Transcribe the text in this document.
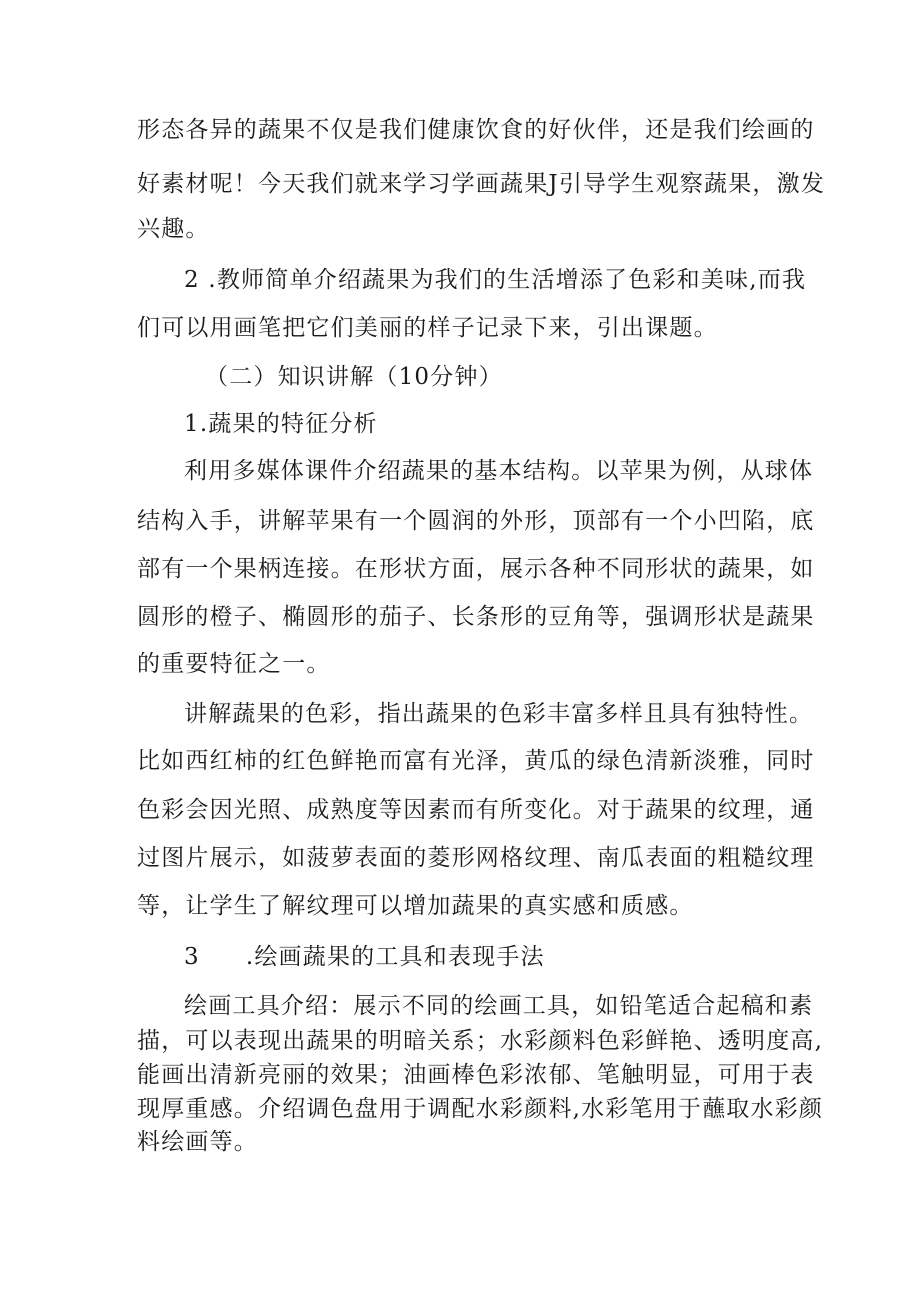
形态各异的蔬果不仅是我们健康饮食的好伙伴，还是我们绘画的
好素材呢！今天我们就来学习学画蔬果J引导学生观察蔬果，激发
兴趣。
2 .教师简单介绍蔬果为我们的生活增添了色彩和美味,而我
们可以用画笔把它们美丽的样子记录下来，引出课题。
（二）知识讲解（10分钟）
1.蔬果的特征分析
利用多媒体课件介绍蔬果的基本结构。以苹果为例，从球体
结构入手，讲解苹果有一个圆润的外形，顶部有一个小凹陷，底
部有一个果柄连接。在形状方面，展示各种不同形状的蔬果，如
圆形的橙子、椭圆形的茄子、长条形的豆角等，强调形状是蔬果
的重要特征之一。
讲解蔬果的色彩，指出蔬果的色彩丰富多样且具有独特性。
比如西红柿的红色鲜艳而富有光泽，黄瓜的绿色清新淡雅，同时
色彩会因光照、成熟度等因素而有所变化。对于蔬果的纹理，通
过图片展示，如菠萝表面的菱形网格纹理、南瓜表面的粗糙纹理
等，让学生了解纹理可以增加蔬果的真实感和质感。
3 .绘画蔬果的工具和表现手法
绘画工具介绍：展示不同的绘画工具，如铅笔适合起稿和素
描，可以表现出蔬果的明暗关系；水彩颜料色彩鲜艳、透明度高,
能画出清新亮丽的效果；油画棒色彩浓郁、笔触明显，可用于表
现厚重感。介绍调色盘用于调配水彩颜料,水彩笔用于蘸取水彩颜
料绘画等。
